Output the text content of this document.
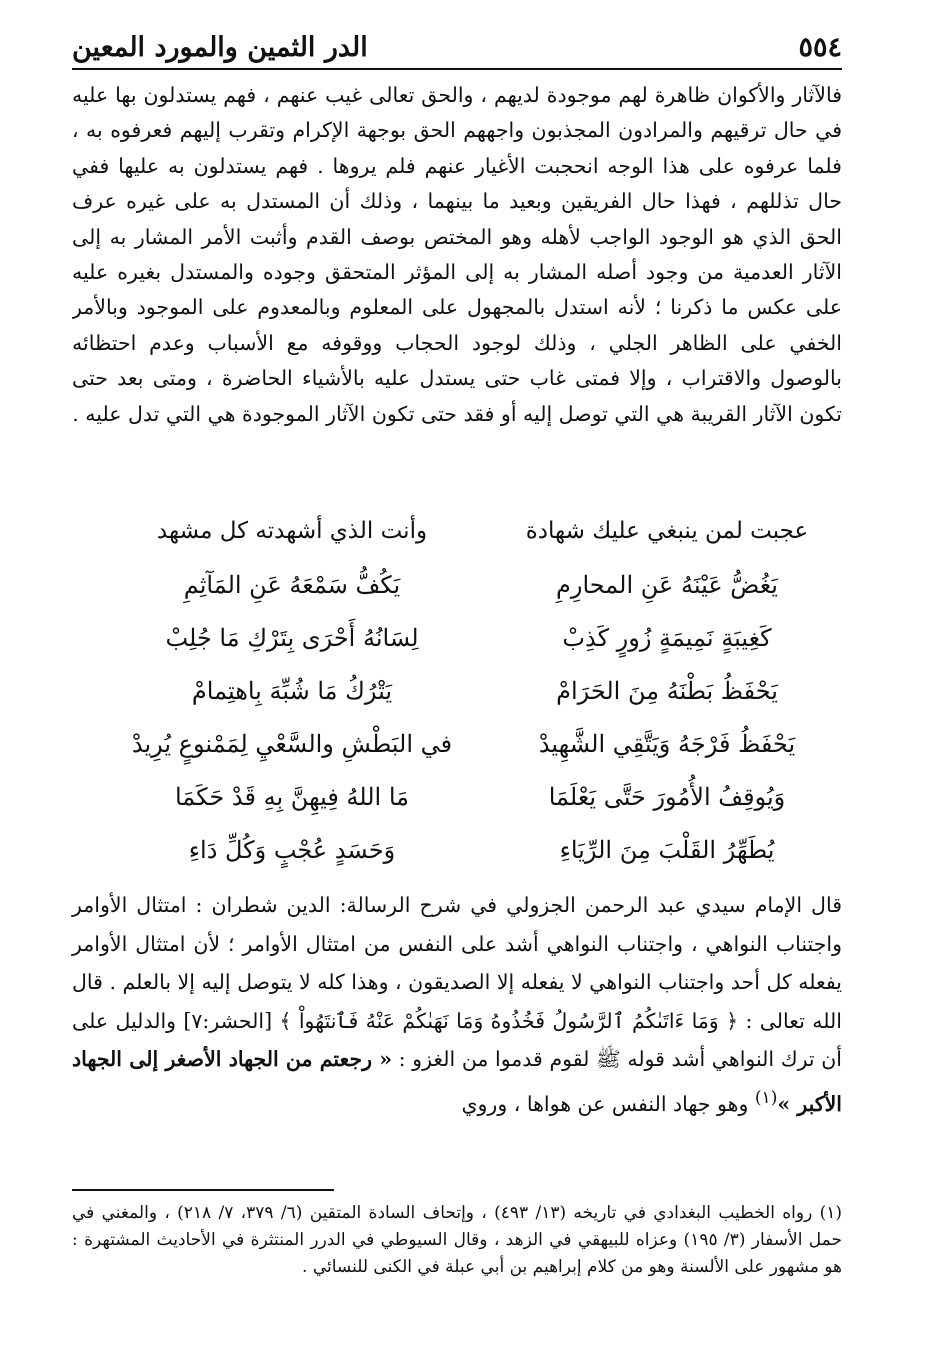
٥٥٤
الدر الثمين والمورد المعين

فالآثار والأكوان ظاهرة لهم موجودة لديهم ، والحق تعالى غيب عنهم ، فهم يستدلون بها عليه في حال ترقيهم والمرادون المجذبون واجههم الحق بوجهة الإكرام وتقرب إليهم فعرفوه به ، فلما عرفوه على هذا الوجه انحجبت الأغيار عنهم فلم يروها . فهم يستدلون به عليها ففي حال تذللهم ، فهذا حال الفريقين وبعيد ما بينهما ، وذلك أن المستدل به على غيره عرف الحق الذي هو الوجود الواجب لأهله وهو المختص بوصف القدم وأثبت الأمر المشار به إلى الآثار العدمية من وجود أصله المشار به إلى المؤثر المتحقق وجوده والمستدل بغيره عليه على عكس ما ذكرنا ؛ لأنه استدل بالمجهول على المعلوم وبالمعدوم على الموجود وبالأمر الخفي على الظاهر الجلي ، وذلك لوجود الحجاب ووقوفه مع الأسباب وعدم احتظائه بالوصول والاقتراب ، وإلا فمتى غاب حتى يستدل عليه بالأشياء الحاضرة ، ومتى بعد حتى تكون الآثار القريبة هي التي توصل إليه أو فقد حتى تكون الآثار الموجودة هي التي تدل عليه .

عجبت لمن ينبغي عليك شهادة
وأنت الذي أشهدته كل مشهد
يَغُضُّ عَيْنَهُ عَنِ المحارِمِ
يَكُفُّ سَمْعَهُ عَنِ المَآثِمِ
كَغِيبَةٍ نَمِيمَةٍ زُورٍ كَذِبْ
لِسَانُهُ أَحْرَى بِتَرْكِ مَا جُلِبْ
يَحْفَظُ بَطْنَهُ مِنَ الحَرَامْ
يَتْرُكُ مَا شُبِّهَ بِاهتِمامْ
يَحْفَظُ فَرْجَهُ وَيَتَّقِي الشَّهِيدْ
في البَطْشِ والسَّعْيِ لِمَمْنوعٍ يُرِيدْ
وَيُوقِفُ الأُمُورَ حَتَّى يَعْلَمَا
مَا اللهُ فِيهِنَّ بِهِ قَدْ حَكَمَا
يُطَهِّرُ القَلْبَ مِنَ الرِّيَاءِ
وَحَسَدٍ عُجْبٍ وَكُلِّ دَاءِ

قال الإمام سيدي عبد الرحمن الجزولي في شرح الرسالة: الدين شطران : امتثال الأوامر واجتناب النواهي ، واجتناب النواهي أشد على النفس من امتثال الأوامر ؛ لأن امتثال الأوامر يفعله كل أحد واجتناب النواهي لا يفعله إلا الصديقون ، وهذا كله لا يتوصل إليه إلا بالعلم . قال الله تعالى : ﴿ وَمَا ءَاتَىٰكُمُ ٱلرَّسُولُ فَخُذُوهُ وَمَا نَهَىٰكُمْ عَنْهُ فَٱنتَهُواْ ﴾ [الحشر:٧] والدليل على أن ترك النواهي أشد قوله ﷺ لقوم قدموا من الغزو : « رجعتم من الجهاد الأصغر إلى الجهاد الأكبر »$^{(١)}$ وهو جهاد النفس عن هواها ، وروي

(١) رواه الخطيب البغدادي في تاريخه (١٣/ ٤٩٣) ، وإتحاف السادة المتقين (٦/ ٣٧٩، ٧/ ٢١٨) ، والمغني في حمل الأسفار (٣/ ١٩٥) وعزاه للبيهقي في الزهد ، وقال السيوطي في الدرر المنتثرة في الأحاديث المشتهرة : هو مشهور على الألسنة وهو من كلام إبراهيم بن أبي عبلة في الكنى للنسائي .
